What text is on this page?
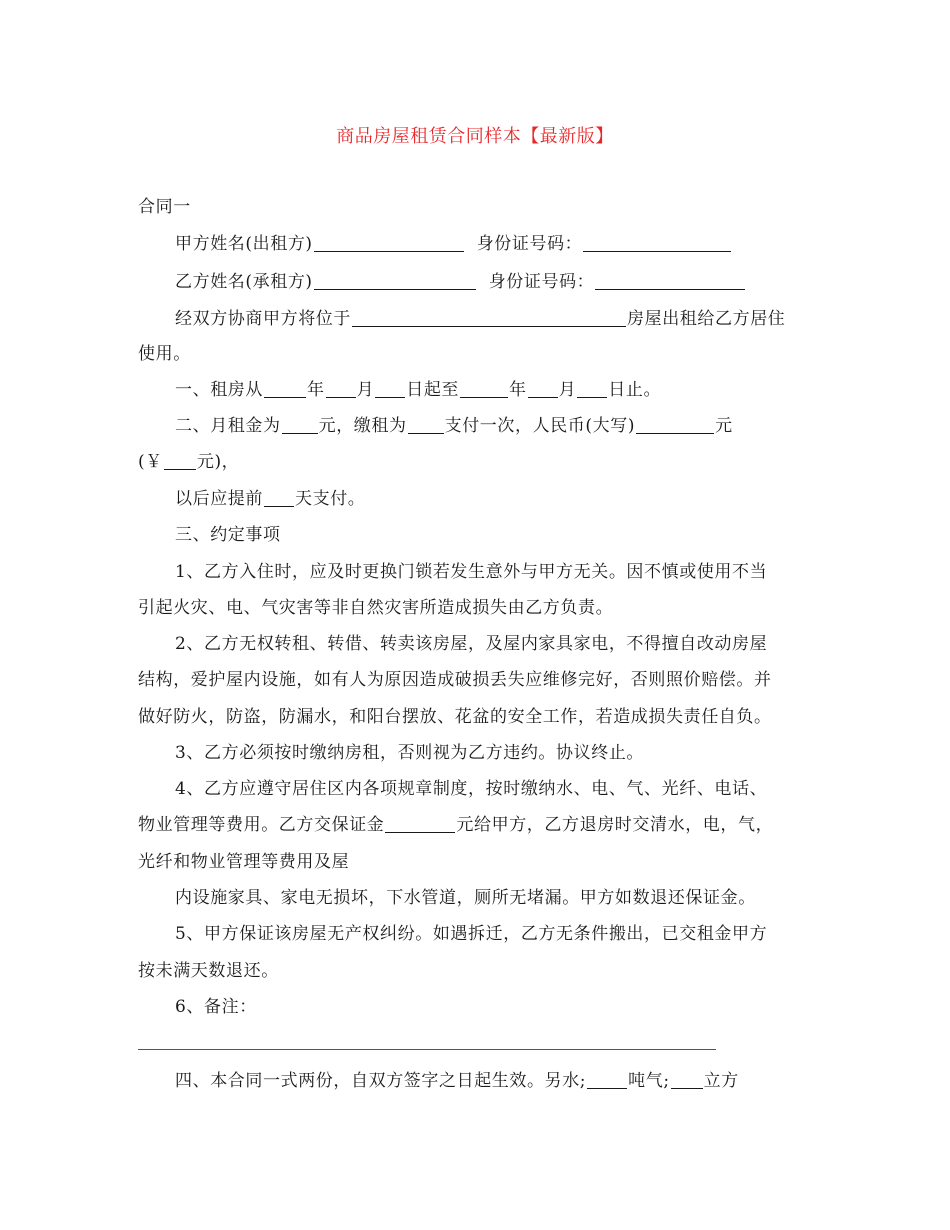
商品房屋租赁合同样本【最新版】
合同一
甲方姓名(出租方)	身份证号码：
乙方姓名(承租方)	身份证号码：
经双方协商甲方将位于	房屋出租给乙方居住
使用。
一、租房从	年 月 日起至	年 月 日止。
二、月租金为 元，缴租为 支付一次，人民币(大写)	元
(￥ 元)，
以后应提前 天支付。
三、约定事项
1、乙方入住时，应及时更换门锁若发生意外与甲方无关。因不慎或使用不当
引起火灾、电、气灾害等非自然灾害所造成损失由乙方负责。
2、乙方无权转租、转借、转卖该房屋，及屋内家具家电，不得擅自改动房屋
结构，爱护屋内设施，如有人为原因造成破损丢失应维修完好，否则照价赔偿。并
做好防火，防盗，防漏水，和阳台摆放、花盆的安全工作，若造成损失责任自负。
3、乙方必须按时缴纳房租，否则视为乙方违约。协议终止。
4、乙方应遵守居住区内各项规章制度，按时缴纳水、电、气、光纤、电话、
物业管理等费用。乙方交保证金	元给甲方，乙方退房时交清水，电，气，
光纤和物业管理等费用及屋
内设施家具、家电无损坏，下水管道，厕所无堵漏。甲方如数退还保证金。
5、甲方保证该房屋无产权纠纷。如遇拆迁，乙方无条件搬出，已交租金甲方
按未满天数退还。
6、备注：
四、本合同一式两份，自双方签字之日起生效。另水; 吨气; 立方
